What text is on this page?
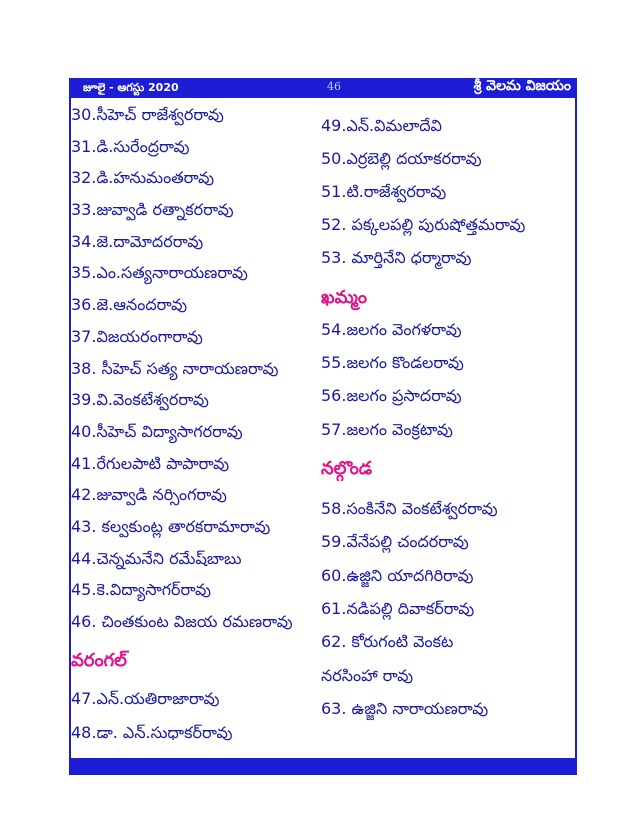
జూలై - ఆగస్టు 2020	46	శ్రీ వెలమ విజయం
30.సీహెచ్ రాజేశ్వరరావు
31.డి.సురేంద్రరావు
32.డి.హనుమంతరావు
33.జువ్వాడి రత్నాకరరావు
34.జె.దామోదరరావు
35.ఎం.సత్యనారాయణరావు
36.జె.ఆనందరావు
37.విజయరంగారావు
38. సీహెచ్ సత్య నారాయణరావు
39.వి.వెంకటేశ్వరరావు
40.సీహెచ్ విద్యాసాగరరావు
41.రేగులపాటి పాపారావు
42.జువ్వాడి నర్సింగరావు
43. కల్వకుంట్ల తారకరామారావు
44.చెన్నమనేని రమేష్‌బాబు
45.కె.విద్యాసాగర్‌రావు
46. చింతకుంట విజయ రమణరావు
వరంగల్
47.ఎన్.యతిరాజారావు
48.డా. ఎన్.సుధాకర్‌రావు
49.ఎన్.విమలాదేవి
50.ఎర్రబెల్లి దయాకరరావు
51.టి.రాజేశ్వరరావు
52. పక్కలపల్లి పురుషోత్తమరావు
53. మార్తినేని ధర్మారావు
ఖమ్మం
54.జలగం వెంగళరావు
55.జలగం కొండలరావు
56.జలగం ప్రసాదరావు
57.జలగం వెంక్రటావు
నల్గొండ
58.సంకినేని వెంకటేశ్వరరావు
59.వేనేపల్లి చందరరావు
60.ఉజ్జిని యాదగిరిరావు
61.నడిపల్లి దివాకర్‌రావు
62. కోరుగంటి వెంకట
నరసింహా రావు
63. ఉజ్జిని నారాయణరావు
